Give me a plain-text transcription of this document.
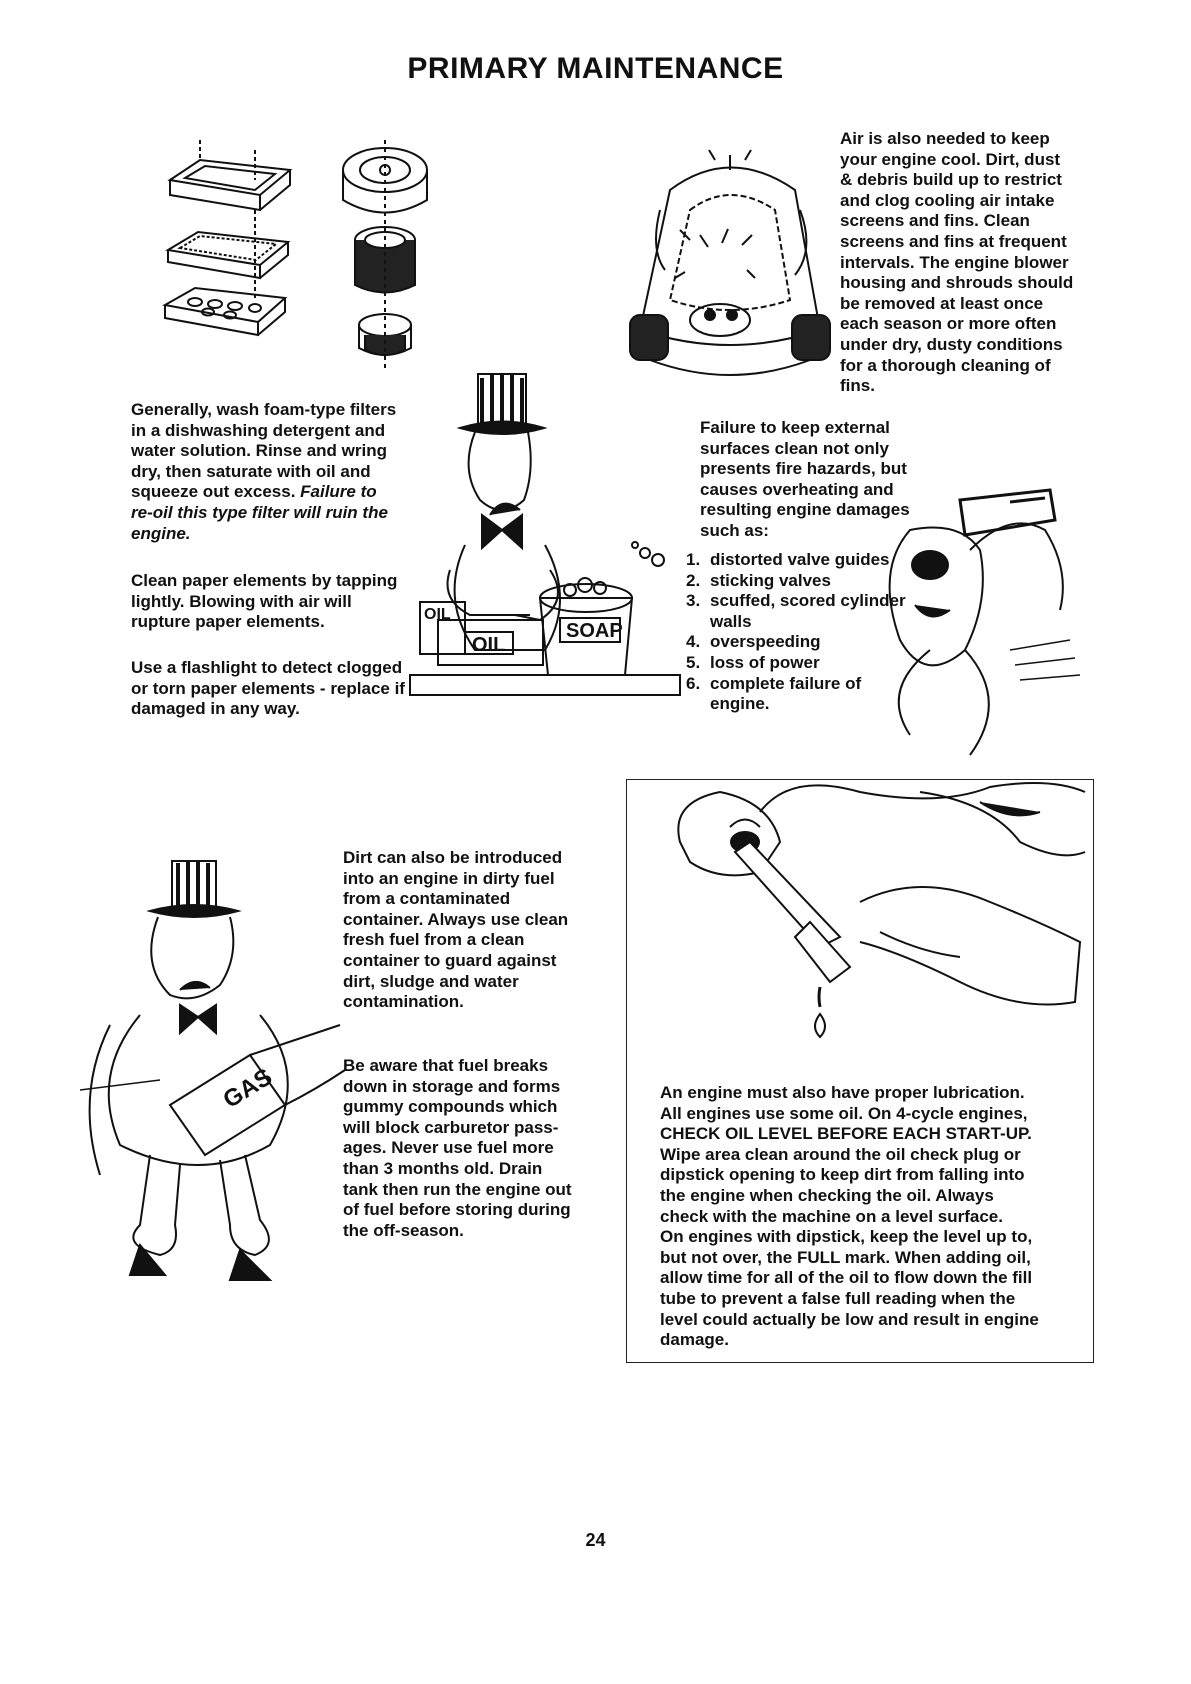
PRIMARY MAINTENANCE
OIL
OIL
SOAP
GAS

Air is also needed to keep

your engine cool. Dirt, dust

& debris build up to restrict

and clog cooling air intake

screens and fins. Clean

screens and fins at frequent

intervals. The engine blower

housing and shrouds should

be removed at least once

each season or more often

under dry, dusty conditions

for a thorough cleaning of

fins.

Generally, wash foam-type filters

in a dishwashing detergent and

water solution. Rinse and wring

dry, then saturate with oil and

squeeze out excess. Failure to

re-oil this type filter will ruin the

engine.

Clean paper elements by tapping

lightly. Blowing with air will

rupture paper elements.

Use a flashlight to detect clogged

or torn paper elements - replace if

damaged in any way.

Failure to keep external

surfaces clean not only

presents fire hazards, but

causes overheating and

resulting engine damages

such as:

1. distorted valve guides
2. sticking valves
3. scuffed, scored cylinder
walls
4. overspeeding
5. loss of power
6. complete failure of
engine.

Dirt can also be introduced

into an engine in dirty fuel

from a contaminated

container. Always use clean

fresh fuel from a clean

container to guard against

dirt, sludge and water

contamination.

Be aware that fuel breaks

down in storage and forms

gummy compounds which

will block carburetor pass-

ages. Never use fuel more

than 3 months old. Drain

tank then run the engine out

of fuel before storing during

the off-season.

An engine must also have proper lubrication.

All engines use some oil. On 4-cycle engines,

CHECK OIL LEVEL BEFORE EACH START-UP.

Wipe area clean around the oil check plug or

dipstick opening to keep dirt from falling into

the engine when checking the oil. Always

check with the machine on a level surface.

On engines with dipstick, keep the level up to,

but not over, the FULL mark. When adding oil,

allow time for all of the oil to flow down the fill

tube to prevent a false full reading when the

level could actually be low and result in engine

damage.

24
